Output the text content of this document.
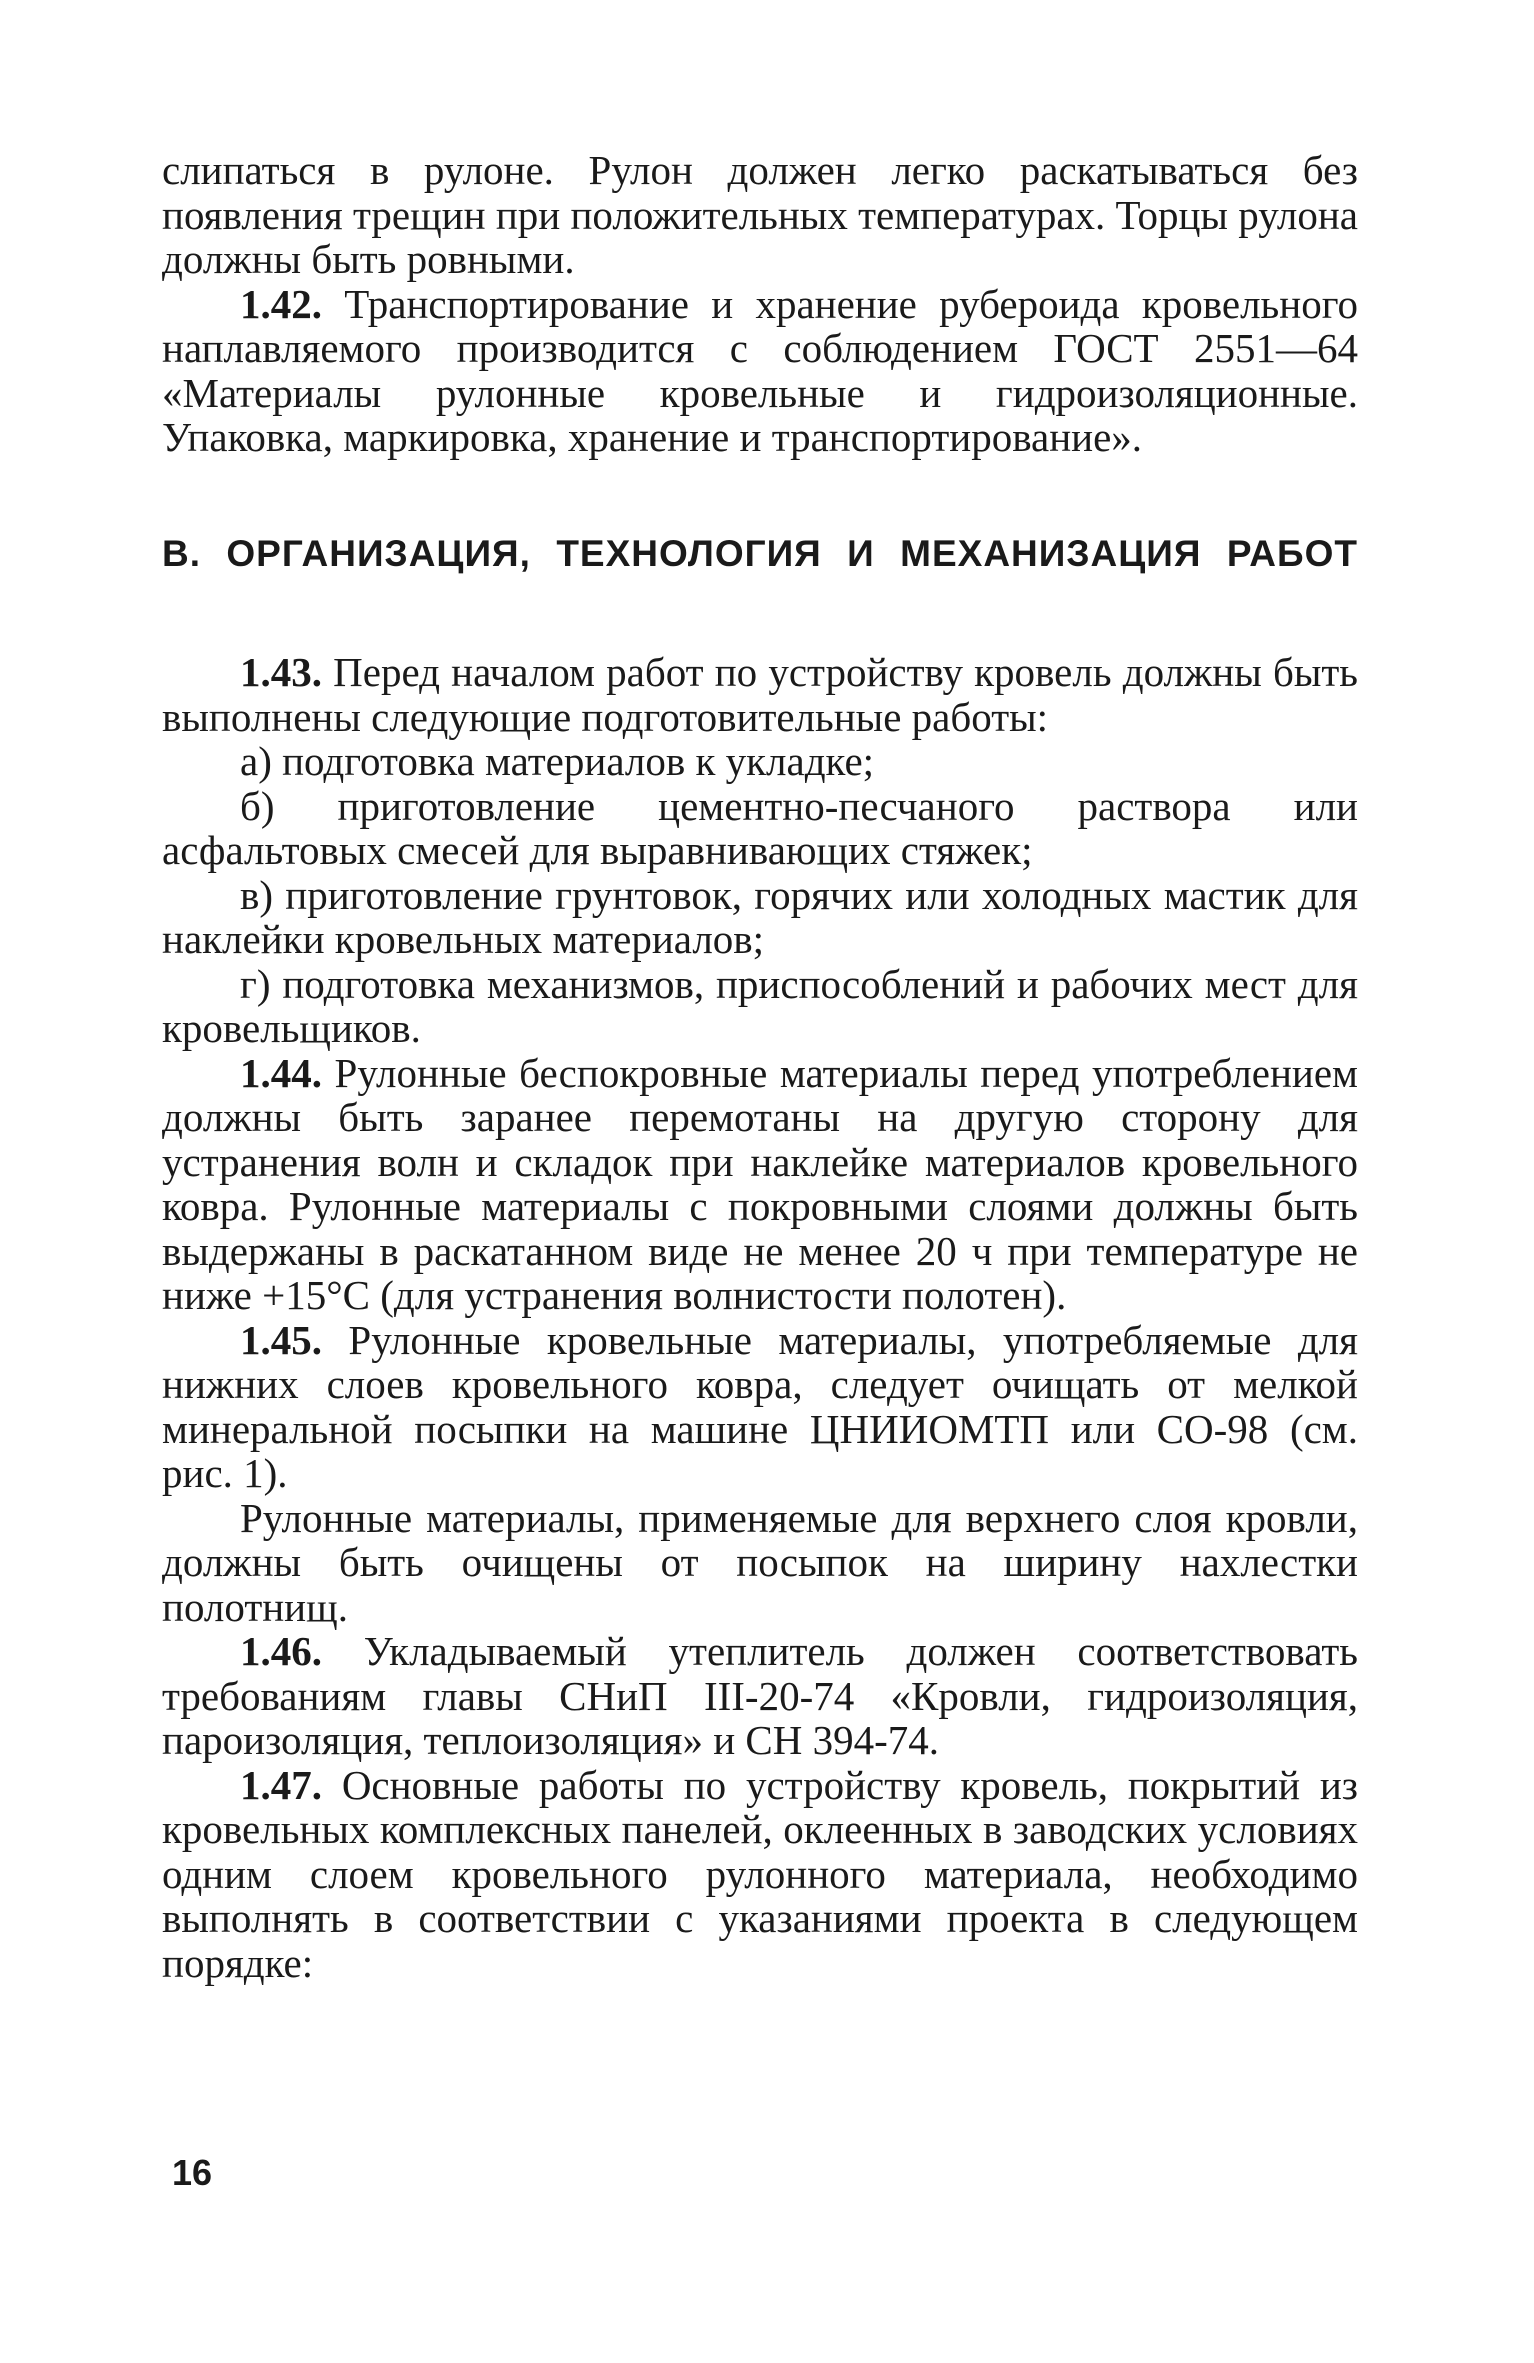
слипаться в рулоне. Рулон должен легко раскатываться без появления трещин при положительных температурах. Торцы рулона должны быть ровными.

1.42. Транспортирование и хранение рубероида кровельного наплавляемого производится с соблюдением ГОСТ 2551—64 «Материалы рулонные кровельные и гидроизоляционные. Упаковка, маркировка, хранение и транспортирование».

В. ОРГАНИЗАЦИЯ, ТЕХНОЛОГИЯ И МЕХАНИЗАЦИЯ РАБОТ

1.43. Перед началом работ по устройству кровель должны быть выполнены следующие подготовительные работы:

а) подготовка материалов к укладке;

б) приготовление цементно-песчаного раствора или асфальтовых смесей для выравнивающих стяжек;

в) приготовление грунтовок, горячих или холодных мастик для наклейки кровельных материалов;

г) подготовка механизмов, приспособлений и рабочих мест для кровельщиков.

1.44. Рулонные беспокровные материалы перед употреблением должны быть заранее перемотаны на другую сторону для устранения волн и складок при наклейке материалов кровельного ковра. Рулонные материалы с покровными слоями должны быть выдержаны в раскатанном виде не менее 20 ч при температуре не ниже +15°С (для устранения волнистости полотен).

1.45. Рулонные кровельные материалы, употребляемые для нижних слоев кровельного ковра, следует очищать от мелкой минеральной посыпки на машине ЦНИИОМТП или СО-98 (см. рис. 1).

Рулонные материалы, применяемые для верхнего слоя кровли, должны быть очищены от посыпок на ширину нахлестки полотнищ.

1.46. Укладываемый утеплитель должен соответствовать требованиям главы СНиП III-20-74 «Кровли, гидроизоляция, пароизоляция, теплоизоляция» и СН 394-74.

1.47. Основные работы по устройству кровель, покрытий из кровельных комплексных панелей, оклеенных в заводских условиях одним слоем кровельного рулонного материала, необходимо выполнять в соответствии с указаниями проекта в следующем порядке:

16
